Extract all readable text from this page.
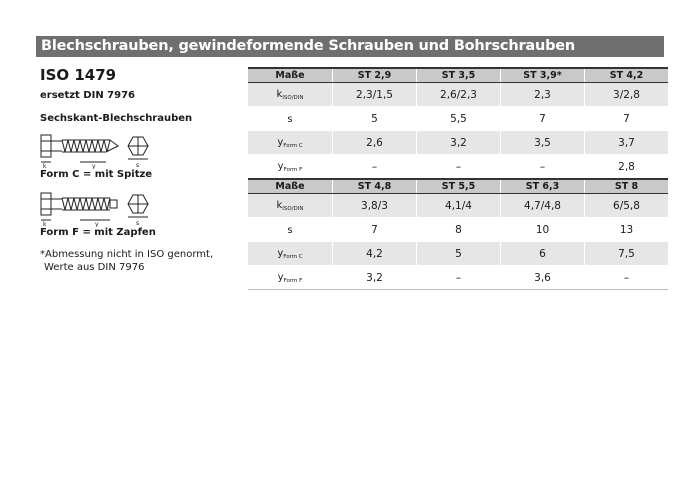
Blechschrauben, gewindeformende Schrauben und Bohrschrauben
ISO 1479
ersetzt DIN 7976
Sechskant-Blechschrauben
k	y	s
Form C = mit Spitze
k	y	s
Form F = mit Zapfen
*Abmessung nicht in ISO genormt,
Werte aus DIN 7976
Maße	ST 2,9	ST 3,5	ST 3,9*	ST 4,2
kISO/DIN	2,3/1,5	2,6/2,3	2,3	3/2,8
s	5	5,5	7	7
yForm C	2,6	3,2	3,5	3,7
yForm F	–	–	–	2,8
Maße	ST 4,8	ST 5,5	ST 6,3	ST 8
kISO/DIN	3,8/3	4,1/4	4,7/4,8	6/5,8
s	7	8	10	13
yForm C	4,2	5	6	7,5
yForm F	3,2	–	3,6	–
